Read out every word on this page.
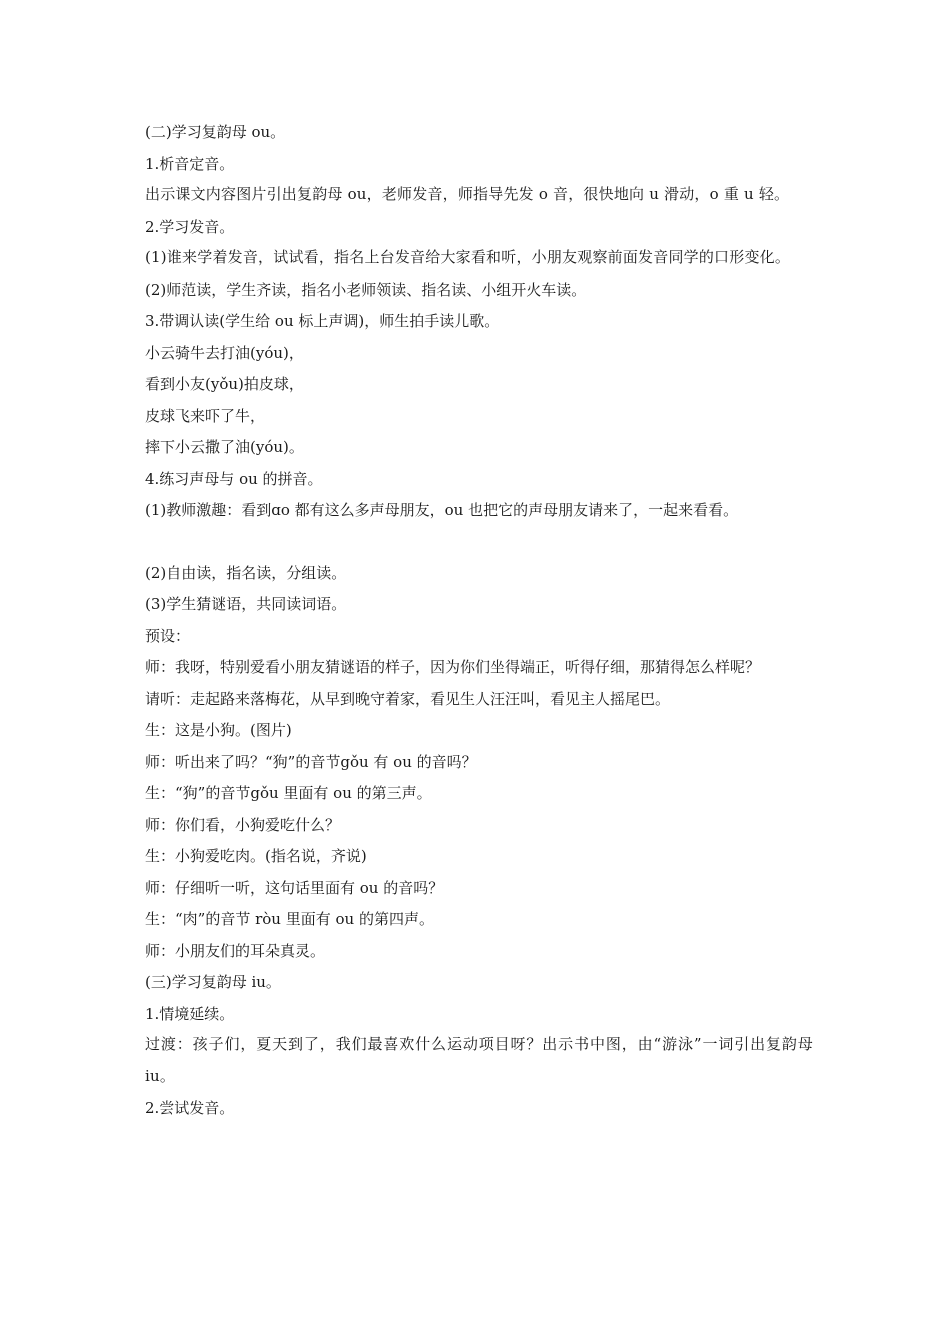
(二)学习复韵母 ou。
1.析音定音。
出示课文内容图片引出复韵母 ou，老师发音，师指导先发 o 音，很快地向 u 滑动，o 重 u 轻。
2.学习发音。
(1)谁来学着发音，试试看，指名上台发音给大家看和听，小朋友观察前面发音同学的口形变化。
(2)师范读，学生齐读，指名小老师领读、指名读、小组开火车读。
3.带调认读(学生给 ou 标上声调)，师生拍手读儿歌。
小云骑牛去打油(yóu)，
看到小友(yǒu)拍皮球，
皮球飞来吓了牛，
摔下小云撒了油(yóu)。
4.练习声母与 ou 的拼音。
(1)教师激趣：看到ɑo 都有这么多声母朋友，ou 也把它的声母朋友请来了，一起来看看。
(2)自由读，指名读，分组读。
(3)学生猜谜语，共同读词语。
预设：
师：我呀，特别爱看小朋友猜谜语的样子，因为你们坐得端正，听得仔细，那猜得怎么样呢？
请听：走起路来落梅花，从早到晚守着家，看见生人汪汪叫，看见主人摇尾巴。
生：这是小狗。(图片)
师：听出来了吗？“狗”的音节gǒu 有 ou 的音吗？
生：“狗”的音节gǒu 里面有 ou 的第三声。
师：你们看，小狗爱吃什么？
生：小狗爱吃肉。(指名说，齐说)
师：仔细听一听，这句话里面有 ou 的音吗？
生：“肉”的音节 ròu 里面有 ou 的第四声。
师：小朋友们的耳朵真灵。
(三)学习复韵母 iu。
1.情境延续。
过渡：孩子们，夏天到了，我们最喜欢什么运动项目呀？出示书中图，由“游泳”一词引出复韵母 iu。
2.尝试发音。
